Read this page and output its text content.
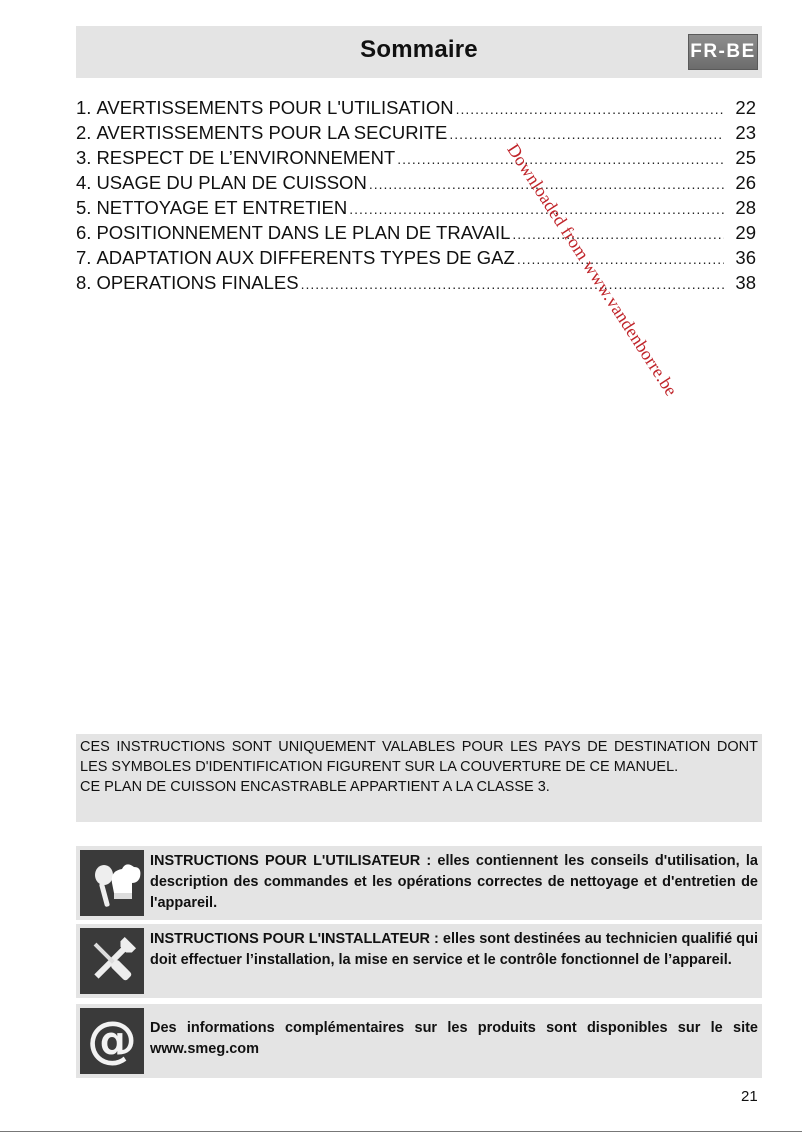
Sommaire	FR-BE
1. AVERTISSEMENTS POUR L'UTILISATION .....	22
2. AVERTISSEMENTS POUR LA SECURITE .....	23
3. RESPECT DE L’ENVIRONNEMENT .....	25
4. USAGE DU PLAN DE CUISSON .....	26
5. NETTOYAGE ET ENTRETIEN .....	28
6. POSITIONNEMENT DANS LE PLAN DE TRAVAIL .....	29
7. ADAPTATION AUX DIFFERENTS TYPES DE GAZ .....	36
8. OPERATIONS FINALES .....	38

CES INSTRUCTIONS SONT UNIQUEMENT VALABLES POUR LES PAYS DE DESTINATION DONT LES SYMBOLES D'IDENTIFICATION FIGURENT SUR LA COUVERTURE DE CE MANUEL.

CE PLAN DE CUISSON ENCASTRABLE APPARTIENT A LA CLASSE 3.

INSTRUCTIONS POUR L'UTILISATEUR : elles contiennent les conseils d'utilisation, la description des commandes et les opérations correctes de nettoyage et d'entretien de l'appareil.
INSTRUCTIONS POUR L'INSTALLATEUR : elles sont destinées au technicien qualifié qui doit effectuer l’installation, la mise en service et le contrôle fonctionnel de l’appareil.
@ Des informations complémentaires sur les produits sont disponibles sur le site www.smeg.com
21
Downloaded from www.vandenborre.be
